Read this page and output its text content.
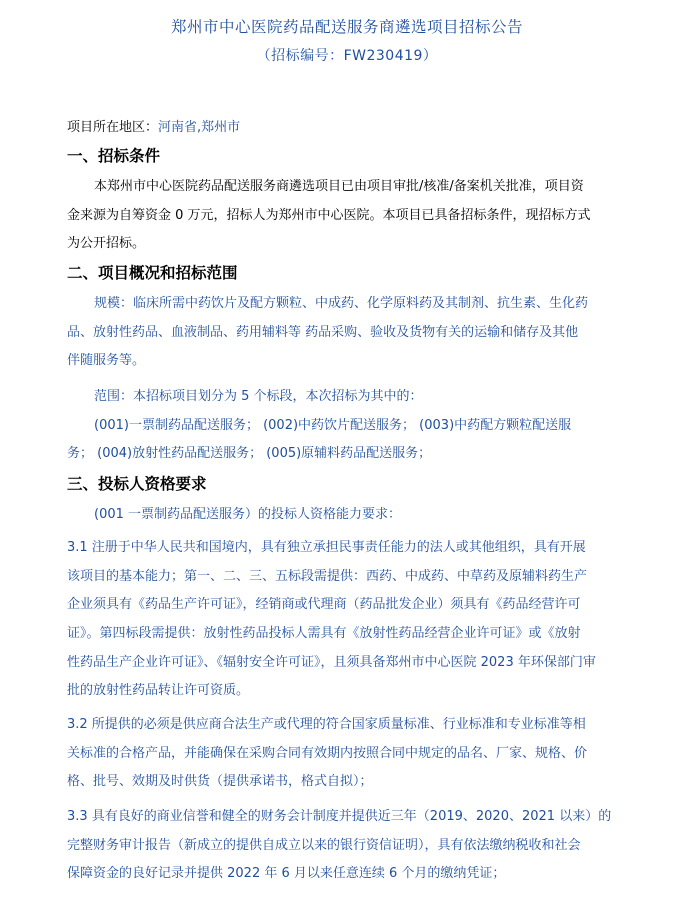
郑州市中心医院药品配送服务商遴选项目招标公告
（招标编号：FW230419）
项目所在地区：河南省,郑州市
一、招标条件
本郑州市中心医院药品配送服务商遴选项目已由项目审批/核准/备案机关批准，项目资
金来源为自筹资金 0 万元，招标人为郑州市中心医院。本项目已具备招标条件，现招标方式
为公开招标。
二、项目概况和招标范围
规模：临床所需中药饮片及配方颗粒、中成药、化学原料药及其制剂、抗生素、生化药
品、放射性药品、血液制品、药用辅料等 药品采购、验收及货物有关的运输和储存及其他
伴随服务等。
范围：本招标项目划分为 5 个标段，本次招标为其中的：
(001)一票制药品配送服务； (002)中药饮片配送服务； (003)中药配方颗粒配送服
务； (004)放射性药品配送服务； (005)原辅料药品配送服务；
三、投标人资格要求
(001 一票制药品配送服务）的投标人资格能力要求：
3.1 注册于中华人民共和国境内，具有独立承担民事责任能力的法人或其他组织，具有开展
该项目的基本能力；第一、二、三、五标段需提供：西药、中成药、中草药及原辅料药生产
企业须具有《药品生产许可证》，经销商或代理商（药品批发企业）须具有《药品经营许可
证》。第四标段需提供：放射性药品投标人需具有《放射性药品经营企业许可证》或《放射
性药品生产企业许可证》、《辐射安全许可证》，且须具备郑州市中心医院 2023 年环保部门审
批的放射性药品转让许可资质。
3.2 所提供的必须是供应商合法生产或代理的符合国家质量标准、行业标准和专业标准等相
关标准的合格产品，并能确保在采购合同有效期内按照合同中规定的品名、厂家、规格、价
格、批号、效期及时供货（提供承诺书，格式自拟）；
3.3 具有良好的商业信誉和健全的财务会计制度并提供近三年（2019、2020、2021 以来）的
完整财务审计报告（新成立的提供自成立以来的银行资信证明），具有依法缴纳税收和社会
保障资金的良好记录并提供 2022 年 6 月以来任意连续 6 个月的缴纳凭证；
